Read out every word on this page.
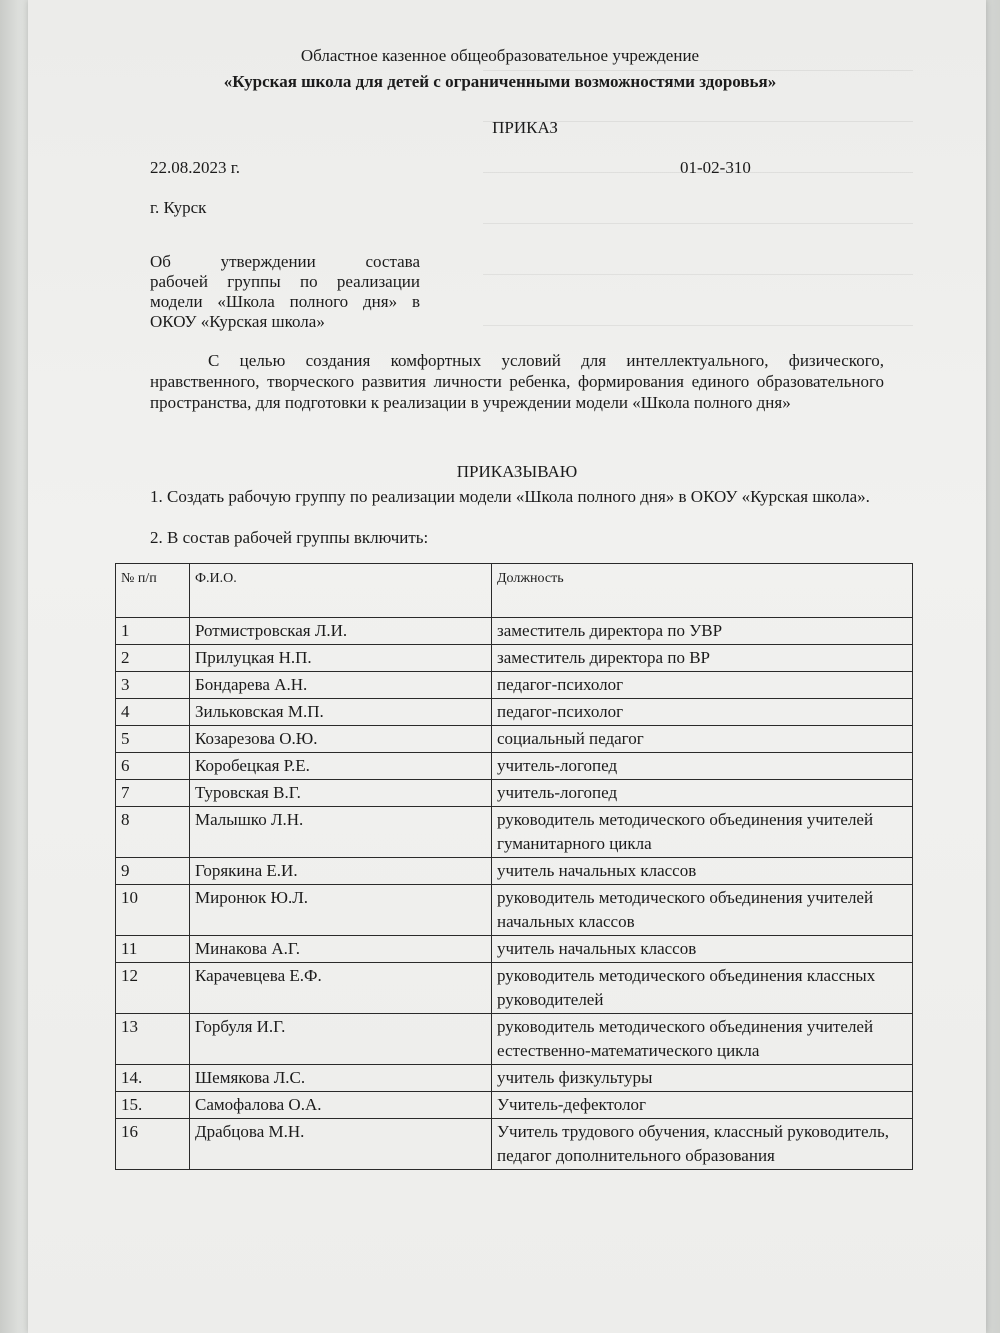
Областное казенное общеобразовательное учреждение
«Курская школа для детей с ограниченными возможностями здоровья»
ПРИКАЗ
22.08.2023 г.	01-02-310
г. Курск
Об утверждении состава
рабочей группы по реализации
модели «Школа полного дня» в
ОКОУ «Курская школа»
С целью создания комфортных условий для интеллектуального, физического, нравственного, творческого развития личности ребенка, формирования единого образовательного пространства, для подготовки к реализации в учреждении модели «Школа полного дня»
ПРИКАЗЫВАЮ
1. Создать рабочую группу по реализации модели «Школа полного дня» в ОКОУ «Курская школа».
2. В состав рабочей группы включить:
№ п/п	Ф.И.О.	Должность
1	Ротмистровская Л.И.	заместитель директора по УВР
2	Прилуцкая Н.П.	заместитель директора по ВР
3	Бондарева А.Н.	педагог-психолог
4	Зильковская М.П.	педагог-психолог
5	Козарезова О.Ю.	социальный педагог
6	Коробецкая Р.Е.	учитель-логопед
7	Туровская В.Г.	учитель-логопед
8	Малышко Л.Н.	руководитель методического объединения учителей гуманитарного цикла
9	Горякина Е.И.	учитель начальных классов
10	Миронюк Ю.Л.	руководитель методического объединения учителей начальных классов
11	Минакова А.Г.	учитель начальных классов
12	Карачевцева Е.Ф.	руководитель методического объединения классных руководителей
13	Горбуля И.Г.	руководитель методического объединения учителей естественно-математического цикла
14.	Шемякова Л.С.	учитель физкультуры
15.	Самофалова О.А.	Учитель-дефектолог
16	Драбцова М.Н.	Учитель трудового обучения, классный руководитель, педагог дополнительного образования
